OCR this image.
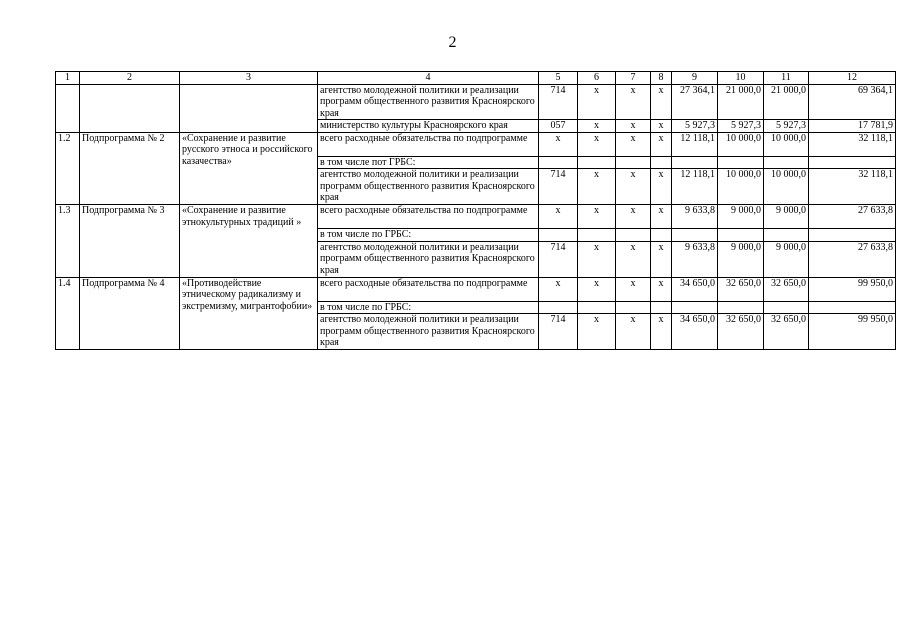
2
1	2	3	4	5	6	7	8	9	10	11	12
			агентство молодежной политики и реализации программ общественного развития Красноярского края	714	х	х	х	27 364,1	21 000,0	21 000,0	69 364,1
			министерство культуры Красноярского края	057	х	х	х	5 927,3	5 927,3	5 927,3	17 781,9
1.2	Подпрограмма № 2	«Сохранение и развитие русского этноса и российского казачества»	всего расходные обязательства по подпрограмме	х	х	х	х	12 118,1	10 000,0	10 000,0	32 118,1
			в том числе пот ГРБС:								
			агентство молодежной политики и реализации программ общественного развития Красноярского края	714	х	х	х	12 118,1	10 000,0	10 000,0	32 118,1
1.3	Подпрограмма № 3	«Сохранение и развитие этнокультурных традиций »	всего расходные обязательства по подпрограмме	х	х	х	х	9 633,8	9 000,0	9 000,0	27 633,8
			в том числе по ГРБС:								
			агентство молодежной политики и реализации программ общественного развития Красноярского края	714	х	х	х	9 633,8	9 000,0	9 000,0	27 633,8
1.4	Подпрограмма № 4	«Противодействие этническому радикализму и экстремизму, мигрантофобии»	всего расходные обязательства по подпрограмме	х	х	х	х	34 650,0	32 650,0	32 650,0	99 950,0
			в том числе по ГРБС:								
			агентство молодежной политики и реализации программ общественного развития Красноярского края	714	х	х	х	34 650,0	32 650,0	32 650,0	99 950,0
